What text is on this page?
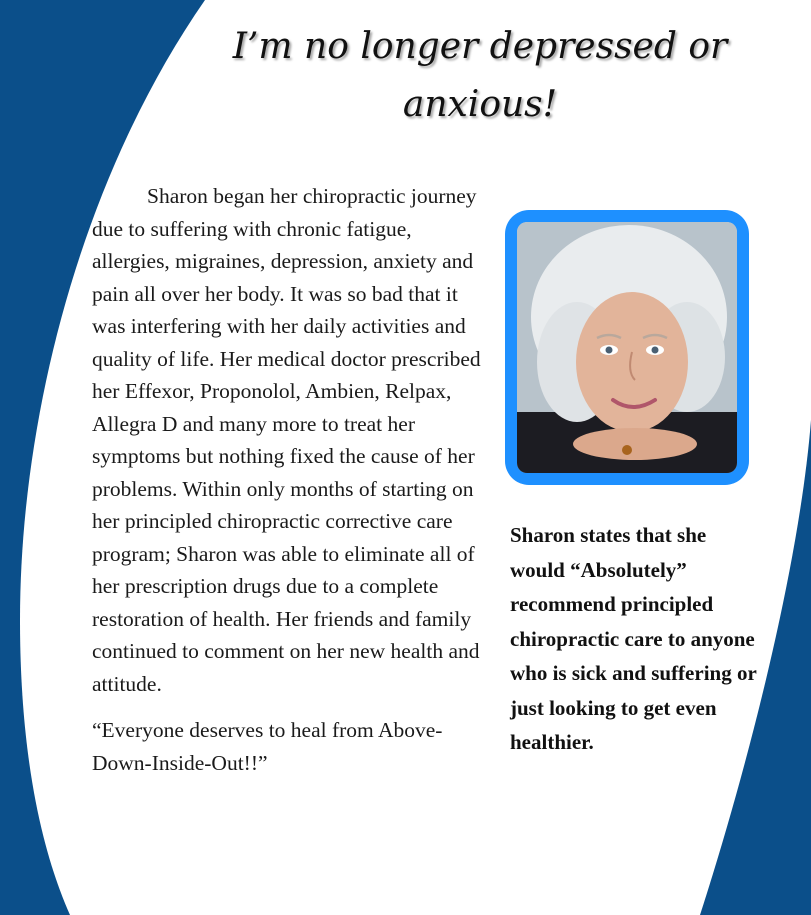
I’m no longer depressed or anxious!

Sharon began her chiropractic journey due to suffering with chronic fatigue, allergies, migraines, depression, anxiety and pain all over her body. It was so bad that it was interfering with her daily activities and quality of life. Her medical doctor prescribed her Effexor, Proponolol, Ambien, Relpax, Allegra D and many more to treat her symptoms but nothing fixed the cause of her problems. Within only months of starting on her principled chiropractic corrective care program; Sharon was able to eliminate all of her prescription drugs due to a complete restoration of health. Her friends and family continued to comment on her new health and attitude.

“Everyone deserves to heal from Above-Down-Inside-Out!!”

Sharon states that she would “Absolutely” recommend principled chiropractic care to anyone who is sick and suffering or just looking to get even healthier.
